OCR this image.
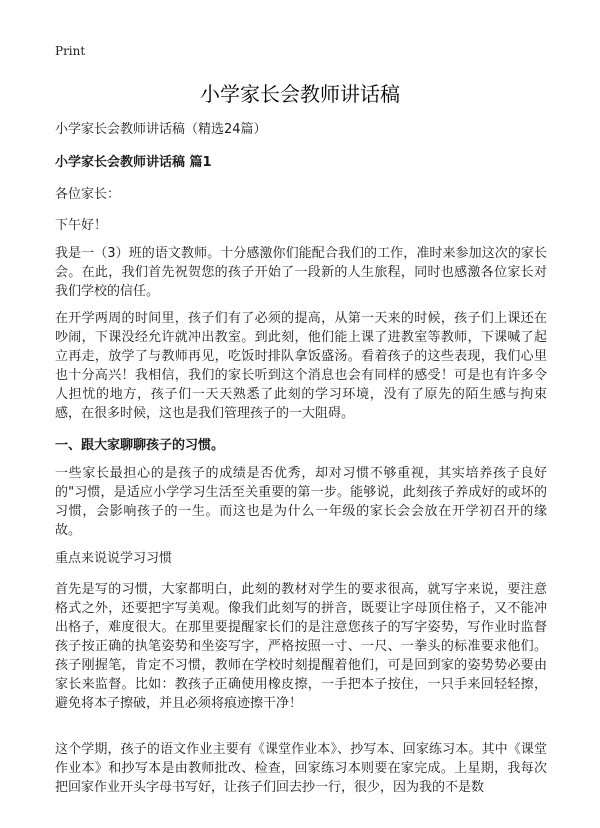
Print
小学家长会教师讲话稿
小学家长会教师讲话稿（精选24篇）
小学家长会教师讲话稿 篇1
各位家长：
下午好！
我是一（3）班的语文教师。十分感激你们能配合我们的工作，准时来参加这次的家长会。在此，我们首先祝贺您的孩子开始了一段新的人生旅程，同时也感激各位家长对我们学校的信任。
在开学两周的时间里，孩子们有了必须的提高，从第一天来的时候，孩子们上课还在吵闹，下课没经允许就冲出教室。到此刻，他们能上课了进教室等教师，下课喊了起立再走，放学了与教师再见，吃饭时排队拿饭盛汤。看着孩子的这些表现，我们心里也十分高兴！我相信，我们的家长听到这个消息也会有同样的感受！可是也有许多令人担忧的地方，孩子们一天天熟悉了此刻的学习环境，没有了原先的陌生感与拘束感，在很多时候，这也是我们管理孩子的一大阻碍。
一、跟大家聊聊孩子的习惯。
一些家长最担心的是孩子的成绩是否优秀，却对习惯不够重视，其实培养孩子良好的"习惯，是适应小学学习生活至关重要的第一步。能够说，此刻孩子养成好的或坏的习惯，会影响孩子的一生。而这也是为什么一年级的家长会会放在开学初召开的缘故。
重点来说说学习习惯
首先是写的习惯，大家都明白，此刻的教材对学生的要求很高，就写字来说，要注意格式之外，还要把字写美观。像我们此刻写的拼音，既要让字母顶住格子，又不能冲出格子，难度很大。在那里要提醒家长们的是注意您孩子的写字姿势，写作业时监督孩子按正确的执笔姿势和坐姿写字，严格按照一寸、一尺、一拳头的标准要求他们。孩子刚握笔，肯定不习惯，教师在学校时刻提醒着他们，可是回到家的姿势势必要由家长来监督。比如：教孩子正确使用橡皮擦，一手把本子按住，一只手来回轻轻擦，避免将本子擦破，并且必须将痕迹擦干净！
这个学期，孩子的语文作业主要有《课堂作业本》、抄写本、回家练习本。其中《课堂作业本》和抄写本是由教师批改、检查，回家练习本则要在家完成。上星期，我每次把回家作业开头字母书写好，让孩子们回去抄一行，很少，因为我的不是数
